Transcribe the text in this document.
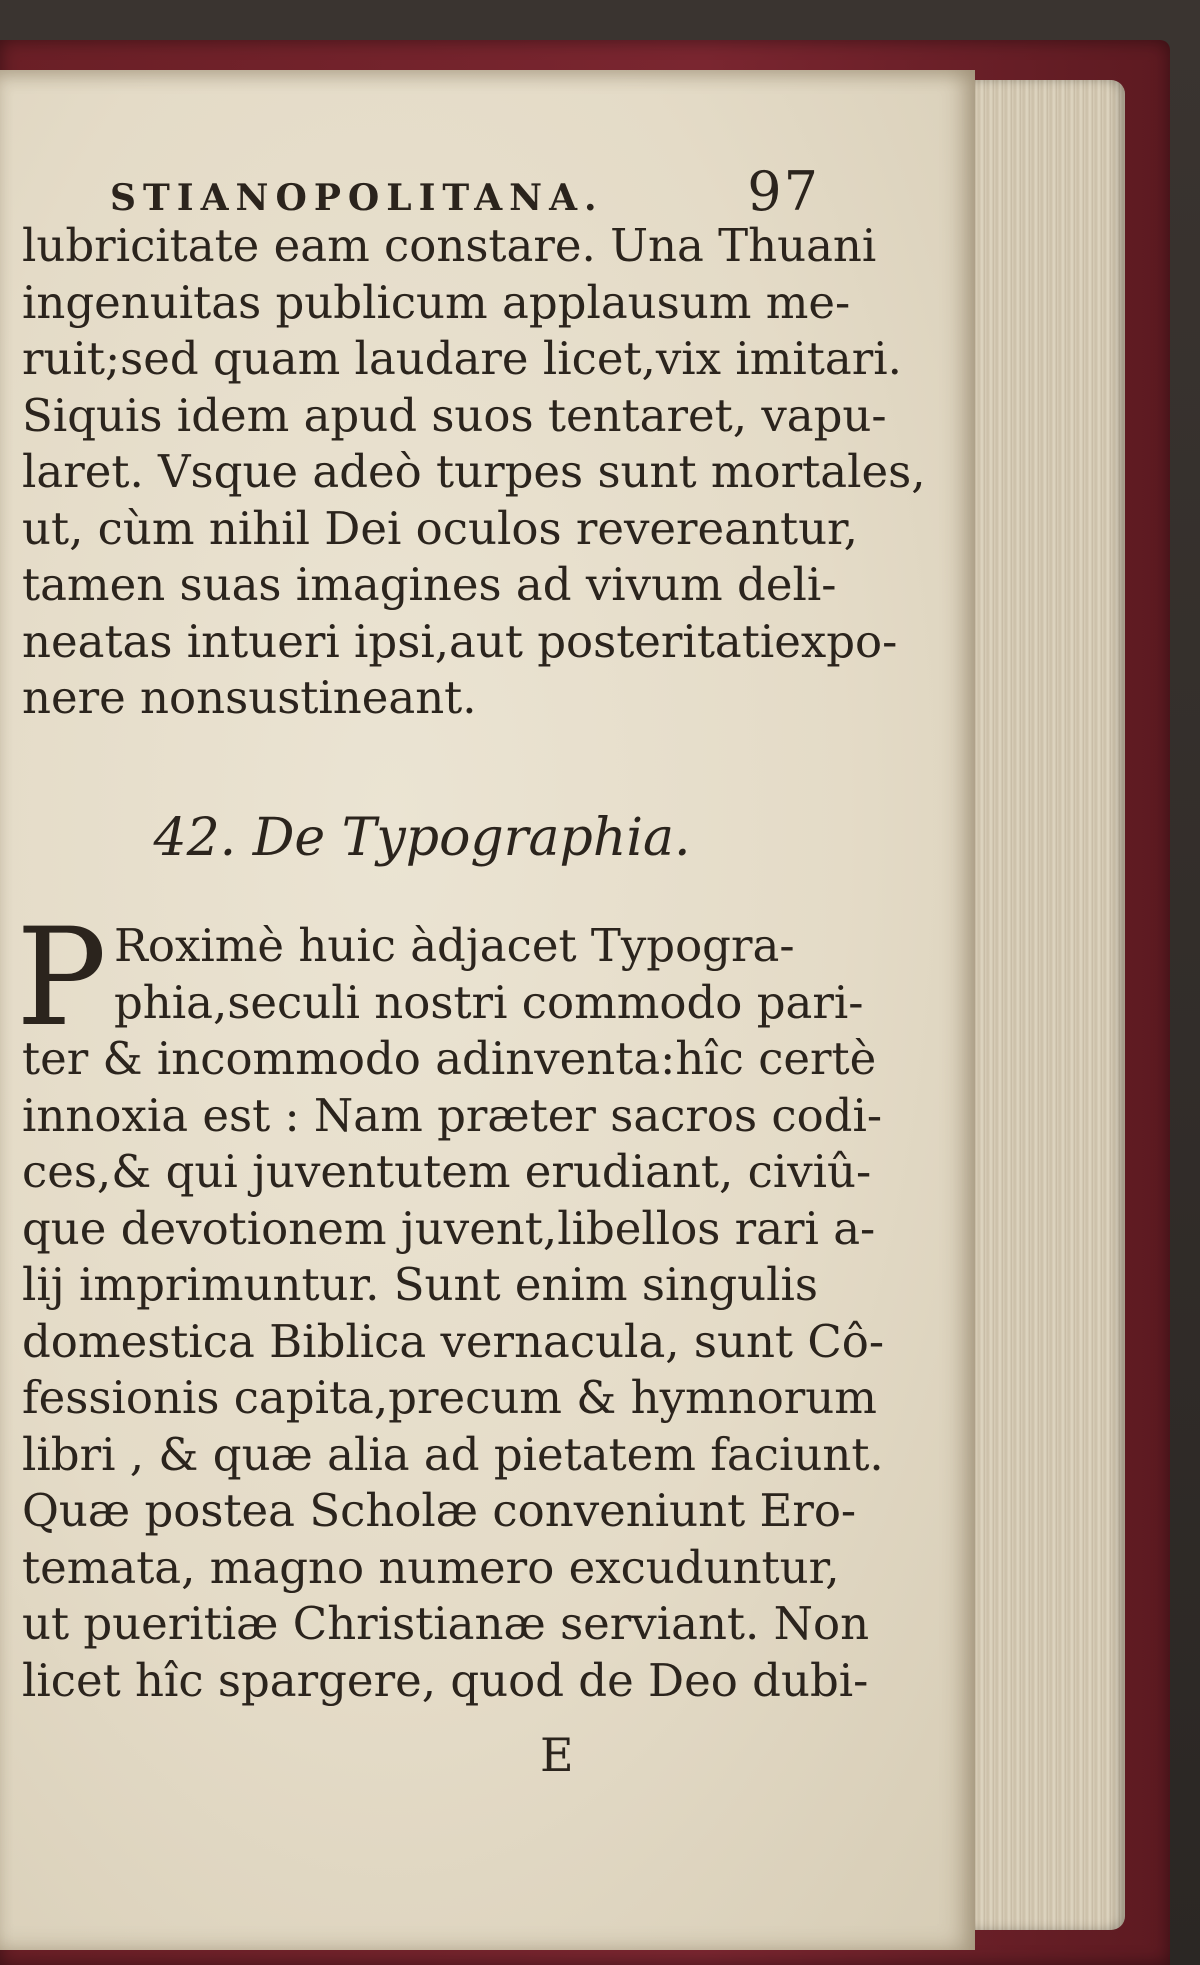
STIANOPOLITANA.	97
lubricitate eam constare. Una Thuani
ingenuitas publicum applausum me-
ruit;sed quam laudare licet,vix imitari.
Siquis idem apud suos tentaret, vapu-
laret. Vsque adeò turpes sunt mortales,
ut, cùm nihil Dei oculos revereantur,
tamen suas imagines ad vivum deli-
neatas intueri ipsi,aut posteritatiexpo-
nere nonsustineant.
42. De Typographia.
P Roximè huic àdjacet Typogra-
phia,seculi nostri commodo pari-
ter & incommodo adinventa:hîc certè
innoxia est : Nam præter sacros codi-
ces,& qui juventutem erudiant, civiû-
que devotionem juvent,libellos rari a-
lij imprimuntur. Sunt enim singulis
domestica Biblica vernacula, sunt Cô-
fessionis capita,precum & hymnorum
libri , & quæ alia ad pietatem faciunt.
Quæ postea Scholæ conveniunt Ero-
temata, magno numero excuduntur,
ut pueritiæ Christianæ serviant. Non
licet hîc spargere, quod de Deo dubi-
E
